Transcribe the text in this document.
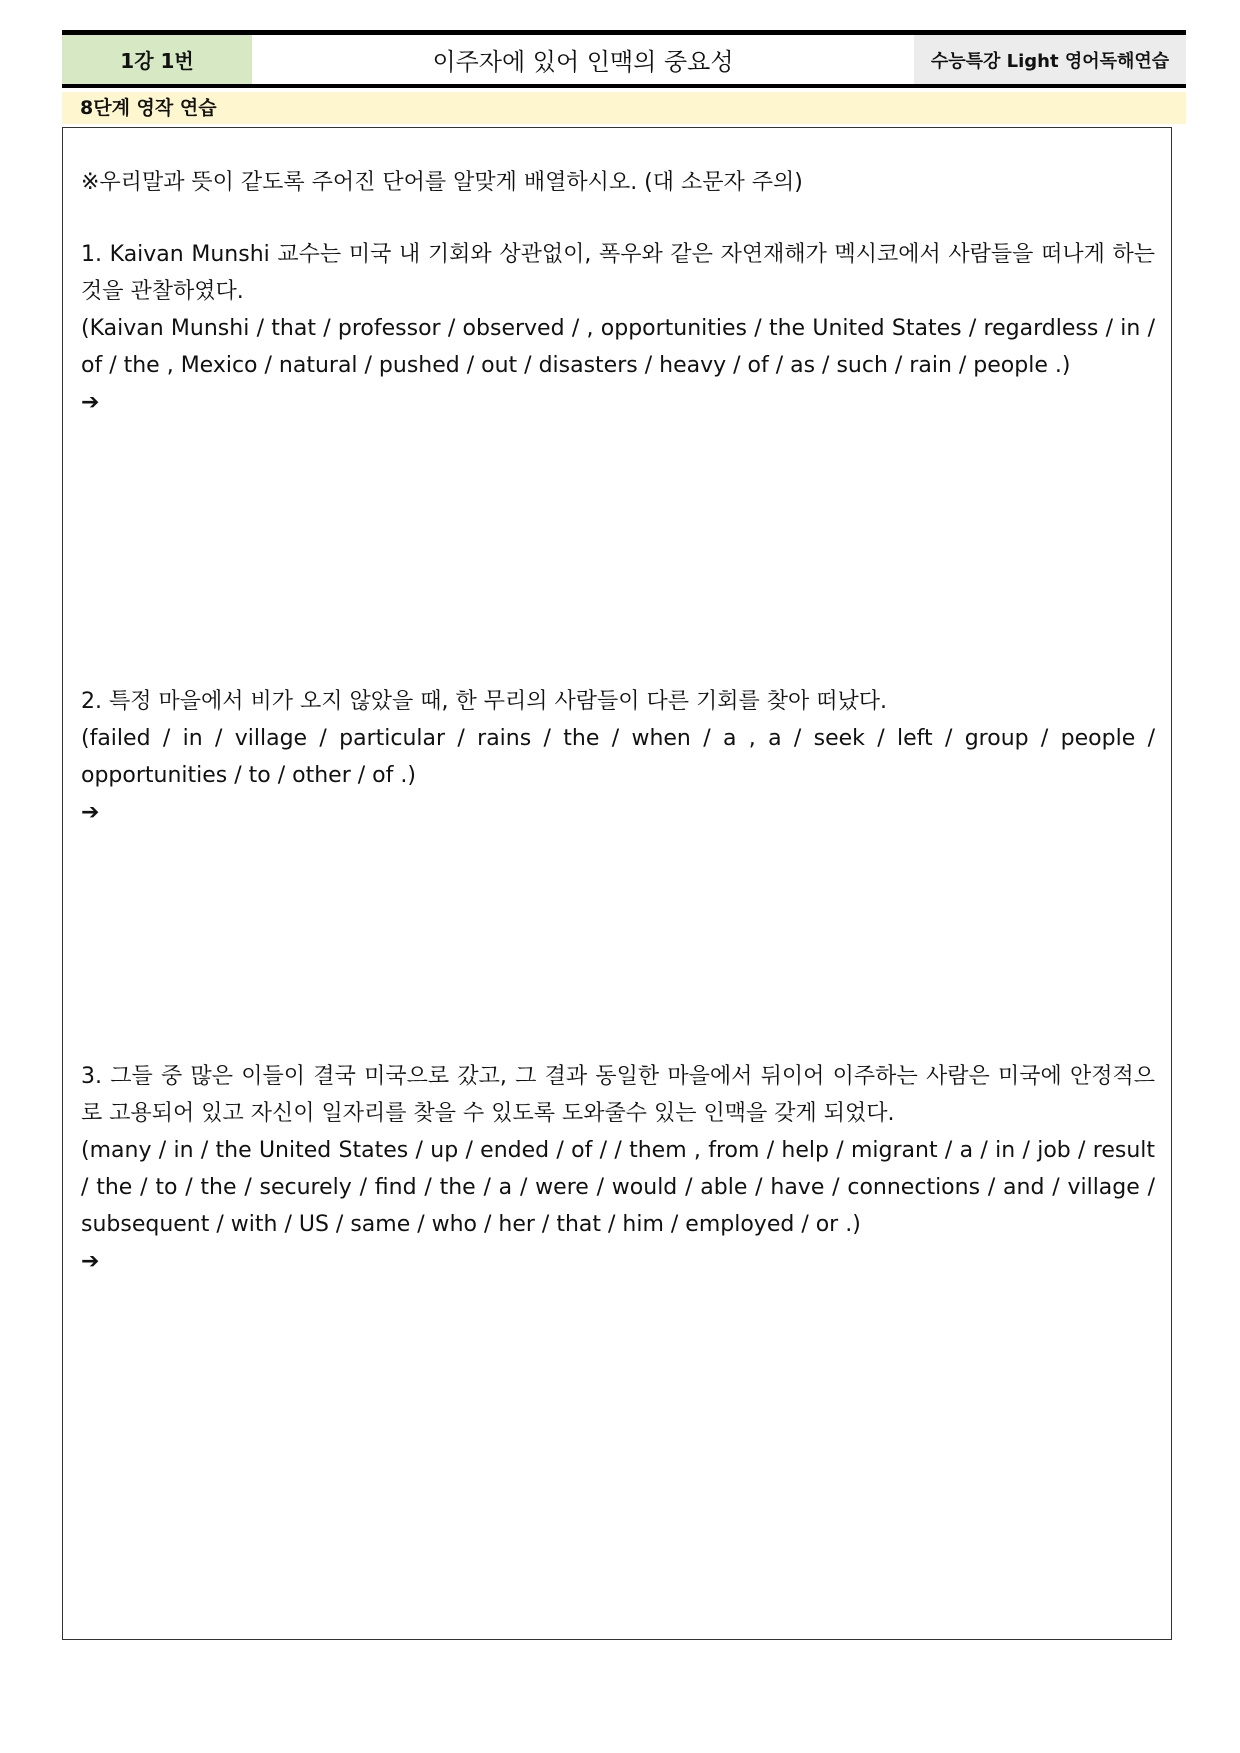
1강 1번	이주자에 있어 인맥의 중요성	수능특강 Light 영어독해연습
8단계 영작 연습
※우리말과 뜻이 같도록 주어진 단어를 알맞게 배열하시오. (대 소문자 주의)
1. Kaivan Munshi 교수는 미국 내 기회와 상관없이, 폭우와 같은 자연재해가 멕시코에서 사람들을 떠나게 하는 것을 관찰하였다.
(Kaivan Munshi / that / professor / observed / , opportunities / the United States / regardless / in / of / the , Mexico / natural / pushed / out / disasters / heavy / of / as / such / rain / people .)
➔
2. 특정 마을에서 비가 오지 않았을 때, 한 무리의 사람들이 다른 기회를 찾아 떠났다.
(failed / in / village / particular / rains / the / when / a , a / seek / left / group / people / opportunities / to / other / of .)
➔
3. 그들 중 많은 이들이 결국 미국으로 갔고, 그 결과 동일한 마을에서 뒤이어 이주하는 사람은 미국에 안정적으로 고용되어 있고 자신이 일자리를 찾을 수 있도록 도와줄수 있는 인맥을 갖게 되었다.
(many / in / the United States / up / ended / of / / them , from / help / migrant / a / in / job / result / the / to / the / securely / find / the / a / were / would / able / have / connections / and / village / subsequent / with / US / same / who / her / that / him / employed / or .)
➔
